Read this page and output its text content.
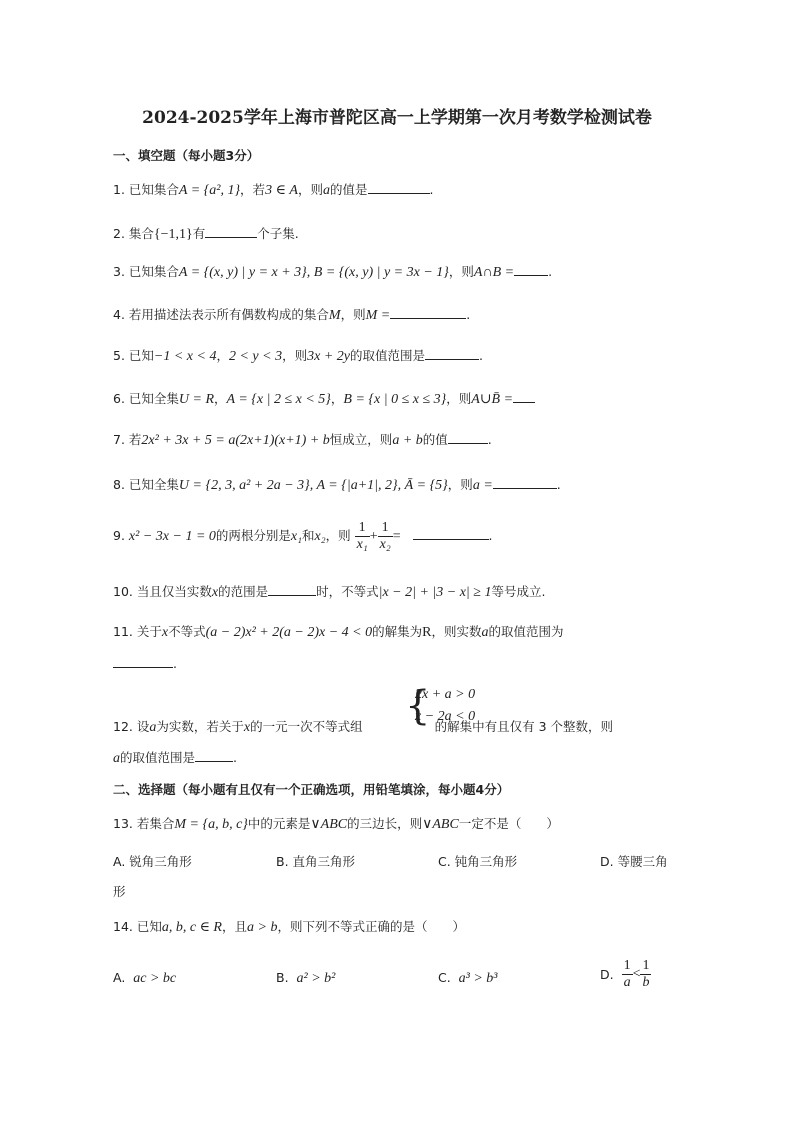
2024-2025学年上海市普陀区高一上学期第一次月考数学检测试卷
一、填空题（每小题3分）
1. 已知集合A = {a², 1}，若3 ∈ A，则a的值是	.
2. 集合{−1,1}有	个子集.
3. 已知集合A = {(x, y) | y = x + 3}, B = {(x, y) | y = 3x − 1}，则A∩B =	.
4. 若用描述法表示所有偶数构成的集合M，则M =	.
5. 已知−1 < x < 4，2 < y < 3，则3x + 2y的取值范围是	.
6. 已知全集U = R，A = {x | 2 ≤ x < 5}，B = {x | 0 ≤ x ≤ 3}，则A∪B̄ =
7. 若2x² + 3x + 5 = a(2x+1)(x+1) + b恒成立，则a + b的值	.
8. 已知全集U = {2, 3, a² + 2a − 3}, A = {|a+1|, 2}, Ā = {5}，则a =	.
9. x² − 3x − 1 = 0的两根分别是x₁和x₂，则 $\frac{1}{\text{x₁}} + \frac{1}{\text{x₂}}$ =	.
10. 当且仅当实数x的范围是	时，不等式|x − 2| + |3 − x| ≥ 1等号成立.
11. 关于x不等式(a − 2)x² + 2(a − 2)x − 4 < 0的解集为R，则实数a的取值范围为
.
{
2x + a > 0
x − 2a < 0
12. 设a为实数，若关于x的一元一次不等式组	的解集中有且仅有 3 个整数，则
a的取值范围是	.
二、选择题（每小题有且仅有一个正确选项，用铅笔填涂，每小题4分）
13. 若集合M = {a, b, c}中的元素是∨ABC的三边长，则∨ABC一定不是（　　）
A. 锐角三角形	B. 直角三角形	C. 钝角三角形	D. 等腰三角
形
14. 已知a, b, c ∈ R，且a > b，则下列不等式正确的是（　　）
A. ac > bc	B. a² > b²	C. a³ > b³	D. $\frac{1}{a} < \frac{1}{b}$
